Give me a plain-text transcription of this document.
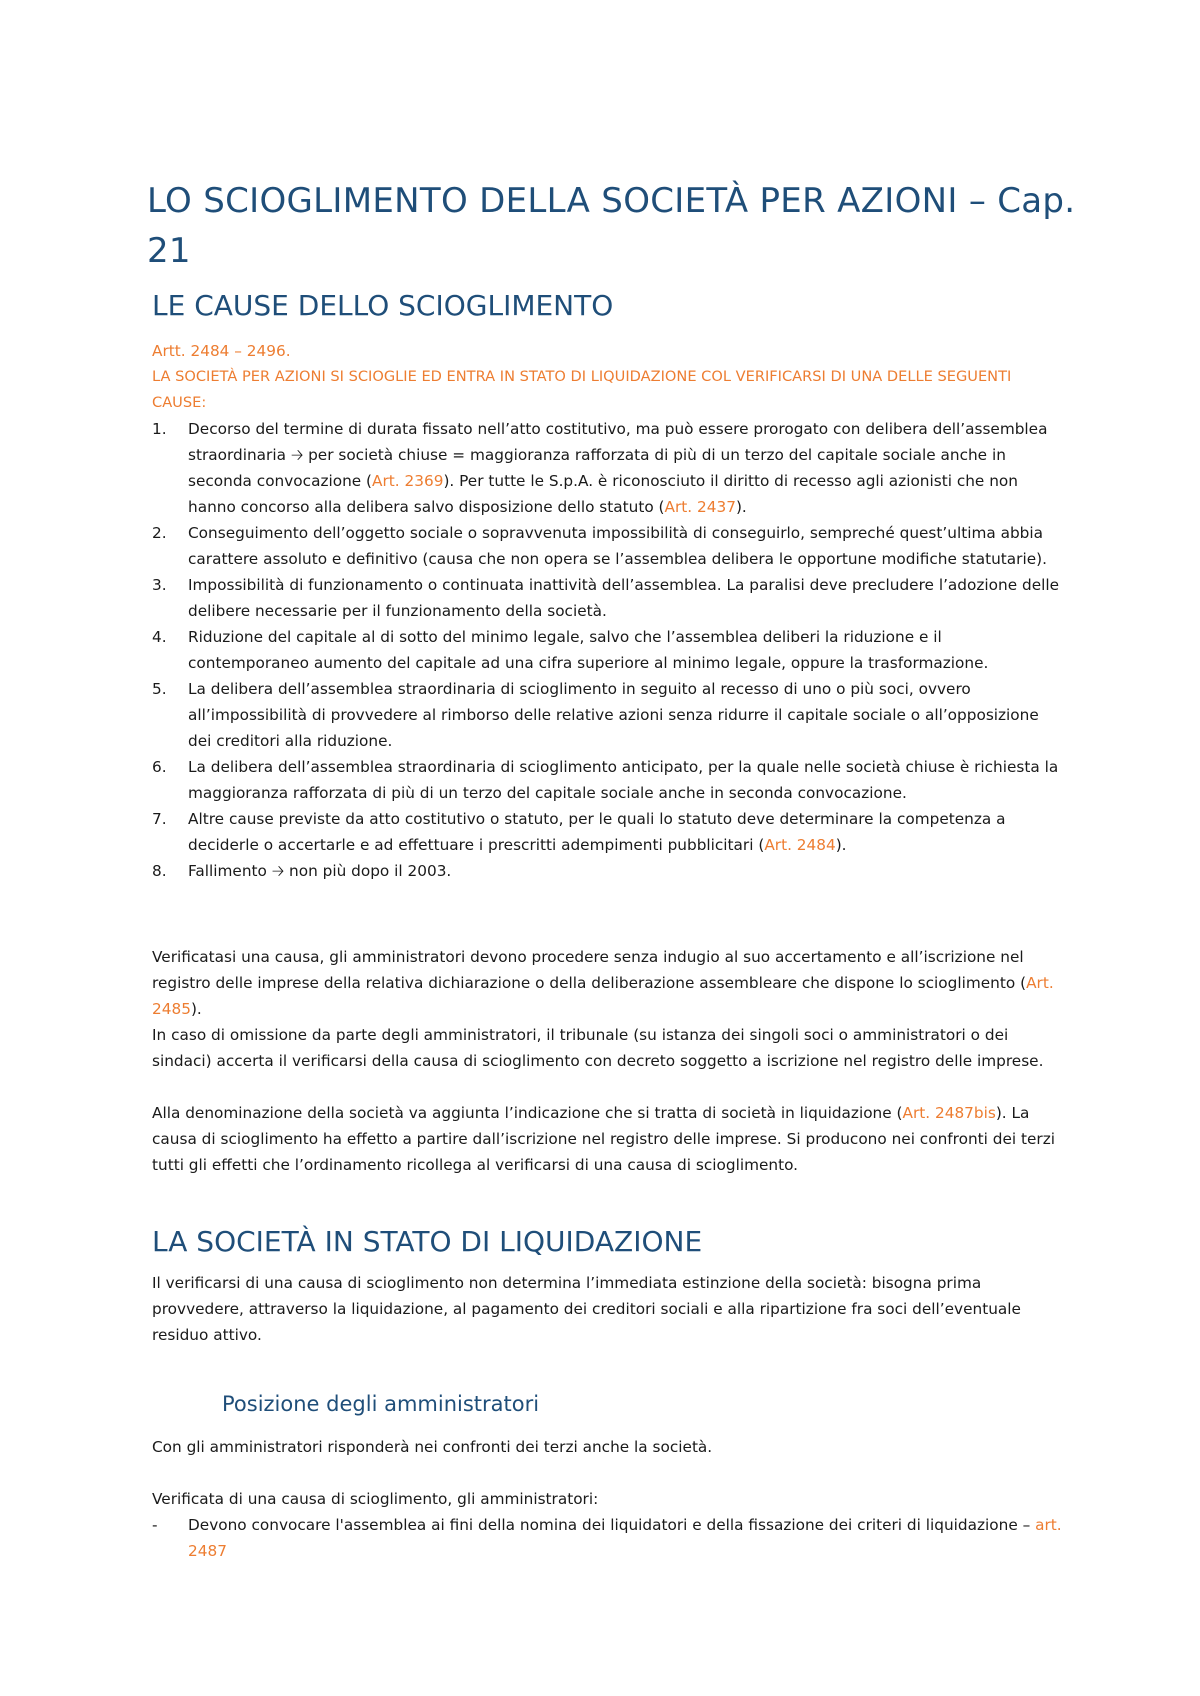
LO SCIOGLIMENTO DELLA SOCIETÀ PER AZIONI – Cap. 21
LE CAUSE DELLO SCIOGLIMENTO
Artt. 2484 – 2496.
LA SOCIETÀ PER AZIONI SI SCIOGLIE ED ENTRA IN STATO DI LIQUIDAZIONE COL VERIFICARSI DI UNA DELLE SEGUENTI CAUSE:
1.	Decorso del termine di durata fissato nell’atto costitutivo, ma può essere prorogato con delibera dell’assemblea straordinaria 🡢 per società chiuse = maggioranza rafforzata di più di un terzo del capitale sociale anche in seconda convocazione (Art. 2369). Per tutte le S.p.A. è riconosciuto il diritto di recesso agli azionisti che non hanno concorso alla delibera salvo disposizione dello statuto (Art. 2437).
2.	Conseguimento dell’oggetto sociale o sopravvenuta impossibilità di conseguirlo, sempreché quest’ultima abbia carattere assoluto e definitivo (causa che non opera se l’assemblea delibera le opportune modifiche statutarie).
3.	Impossibilità di funzionamento o continuata inattività dell’assemblea. La paralisi deve precludere l’adozione delle delibere necessarie per il funzionamento della società.
4.	Riduzione del capitale al di sotto del minimo legale, salvo che l’assemblea deliberi la riduzione e il contemporaneo aumento del capitale ad una cifra superiore al minimo legale, oppure la trasformazione.
5.	La delibera dell’assemblea straordinaria di scioglimento in seguito al recesso di uno o più soci, ovvero all’impossibilità di provvedere al rimborso delle relative azioni senza ridurre il capitale sociale o all’opposizione dei creditori alla riduzione.
6.	La delibera dell’assemblea straordinaria di scioglimento anticipato, per la quale nelle società chiuse è richiesta la maggioranza rafforzata di più di un terzo del capitale sociale anche in seconda convocazione.
7.	Altre cause previste da atto costitutivo o statuto, per le quali lo statuto deve determinare la competenza a deciderle o accertarle e ad effettuare i prescritti adempimenti pubblicitari (Art. 2484).
8.	Fallimento 🡢 non più dopo il 2003.
Verificatasi una causa, gli amministratori devono procedere senza indugio al suo accertamento e all’iscrizione nel registro delle imprese della relativa dichiarazione o della deliberazione assembleare che dispone lo scioglimento (Art. 2485).
In caso di omissione da parte degli amministratori, il tribunale (su istanza dei singoli soci o amministratori o dei sindaci) accerta il verificarsi della causa di scioglimento con decreto soggetto a iscrizione nel registro delle imprese.
Alla denominazione della società va aggiunta l’indicazione che si tratta di società in liquidazione (Art. 2487bis). La causa di scioglimento ha effetto a partire dall’iscrizione nel registro delle imprese. Si producono nei confronti dei terzi tutti gli effetti che l’ordinamento ricollega al verificarsi di una causa di scioglimento.
LA SOCIETÀ IN STATO DI LIQUIDAZIONE
Il verificarsi di una causa di scioglimento non determina l’immediata estinzione della società: bisogna prima provvedere, attraverso la liquidazione, al pagamento dei creditori sociali e alla ripartizione fra soci dell’eventuale residuo attivo.
Posizione degli amministratori
Con gli amministratori risponderà nei confronti dei terzi anche la società.
Verificata di una causa di scioglimento, gli amministratori:
-	Devono convocare l'assemblea ai fini della nomina dei liquidatori e della fissazione dei criteri di liquidazione – art. 2487
